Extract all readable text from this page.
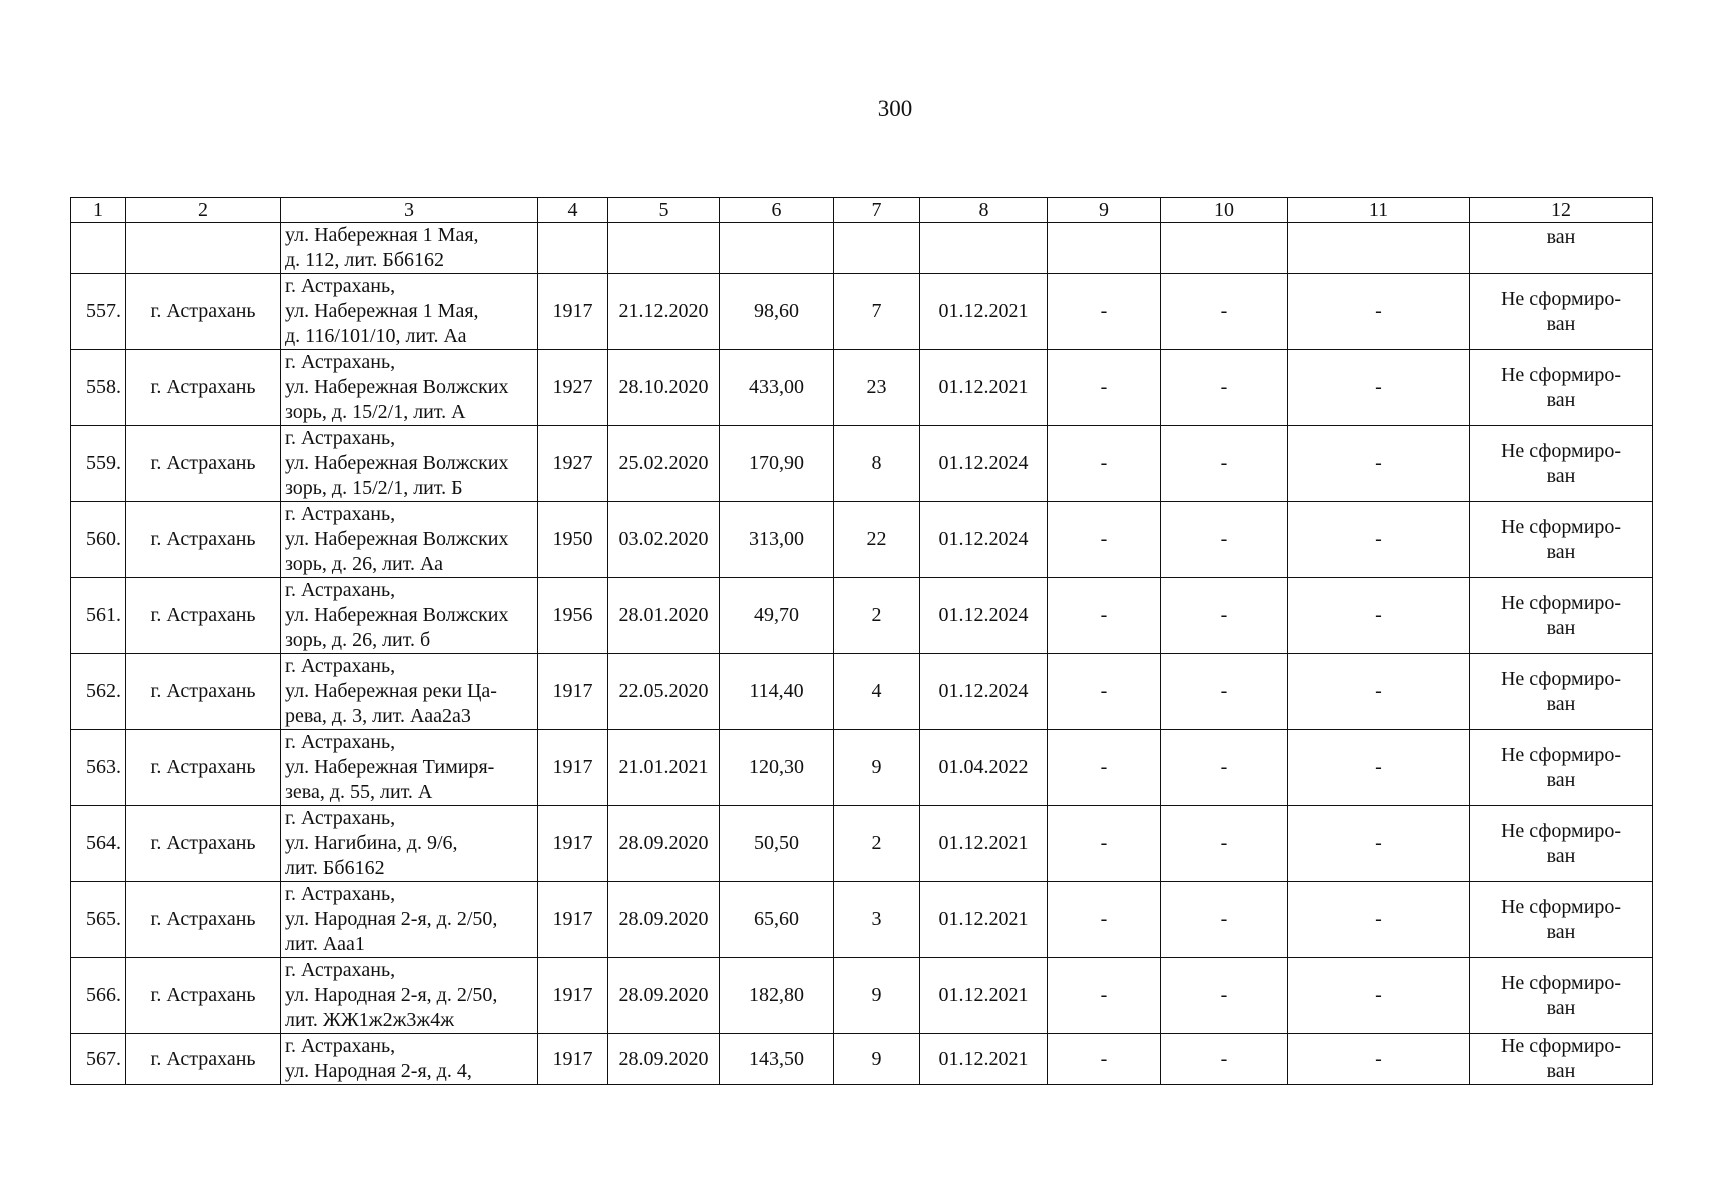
300
1	2	3	4	5	6	7	8	9	10	11	12

		ул. Набережная 1 Мая,
д. 112, лит. Бб6162									ван

557.	г. Астрахань	г. Астрахань,
ул. Набережная 1 Мая,
д. 116/101/10, лит. Аа	1917	21.12.2020	98,60	7	01.12.2021	-	-	-	Не сформиро-
ван

558.	г. Астрахань	г. Астрахань,
ул. Набережная Волжских
зорь, д. 15/2/1, лит. А	1927	28.10.2020	433,00	23	01.12.2021	-	-	-	Не сформиро-
ван

559.	г. Астрахань	г. Астрахань,
ул. Набережная Волжских
зорь, д. 15/2/1, лит. Б	1927	25.02.2020	170,90	8	01.12.2024	-	-	-	Не сформиро-
ван

560.	г. Астрахань	г. Астрахань,
ул. Набережная Волжских
зорь, д. 26, лит. Аа	1950	03.02.2020	313,00	22	01.12.2024	-	-	-	Не сформиро-
ван

561.	г. Астрахань	г. Астрахань,
ул. Набережная Волжских
зорь, д. 26, лит. б	1956	28.01.2020	49,70	2	01.12.2024	-	-	-	Не сформиро-
ван

562.	г. Астрахань	г. Астрахань,
ул. Набережная реки Ца-
рева, д. 3, лит. Ааа2а3	1917	22.05.2020	114,40	4	01.12.2024	-	-	-	Не сформиро-
ван

563.	г. Астрахань	г. Астрахань,
ул. Набережная Тимиря-
зева, д. 55, лит. А	1917	21.01.2021	120,30	9	01.04.2022	-	-	-	Не сформиро-
ван

564.	г. Астрахань	г. Астрахань,
ул. Нагибина, д. 9/6,
лит. Бб6162	1917	28.09.2020	50,50	2	01.12.2021	-	-	-	Не сформиро-
ван

565.	г. Астрахань	г. Астрахань,
ул. Народная 2-я, д. 2/50,
лит. Ааа1	1917	28.09.2020	65,60	3	01.12.2021	-	-	-	Не сформиро-
ван

566.	г. Астрахань	г. Астрахань,
ул. Народная 2-я, д. 2/50,
лит. ЖЖ1ж2ж3ж4ж	1917	28.09.2020	182,80	9	01.12.2021	-	-	-	Не сформиро-
ван

567.	г. Астрахань	г. Астрахань,
ул. Народная 2-я, д. 4,	1917	28.09.2020	143,50	9	01.12.2021	-	-	-	Не сформиро-
ван
